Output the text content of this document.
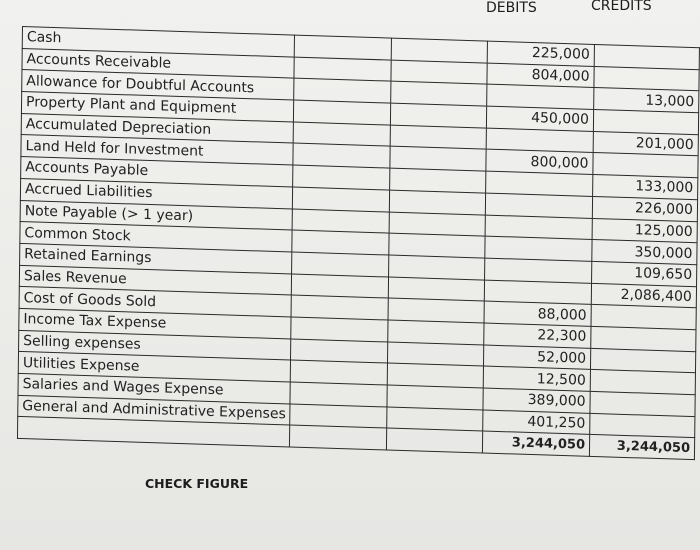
DEBITS	CREDITS
Cash			225,000	
Accounts Receivable			804,000	
Allowance for Doubtful Accounts				13,000
Property Plant and Equipment			450,000	
Accumulated Depreciation				201,000
Land Held for Investment			800,000	
Accounts Payable				133,000
Accrued Liabilities				226,000
Note Payable (> 1 year)				125,000
Common Stock				350,000
Retained Earnings				109,650
Sales Revenue				2,086,400
Cost of Goods Sold			88,000	
Income Tax Expense			22,300	
Selling expenses			52,000	
Utilities Expense			12,500	
Salaries and Wages Expense			389,000	
General and Administrative Expenses			401,250	
			3,244,050	3,244,050
CHECK FIGURE
